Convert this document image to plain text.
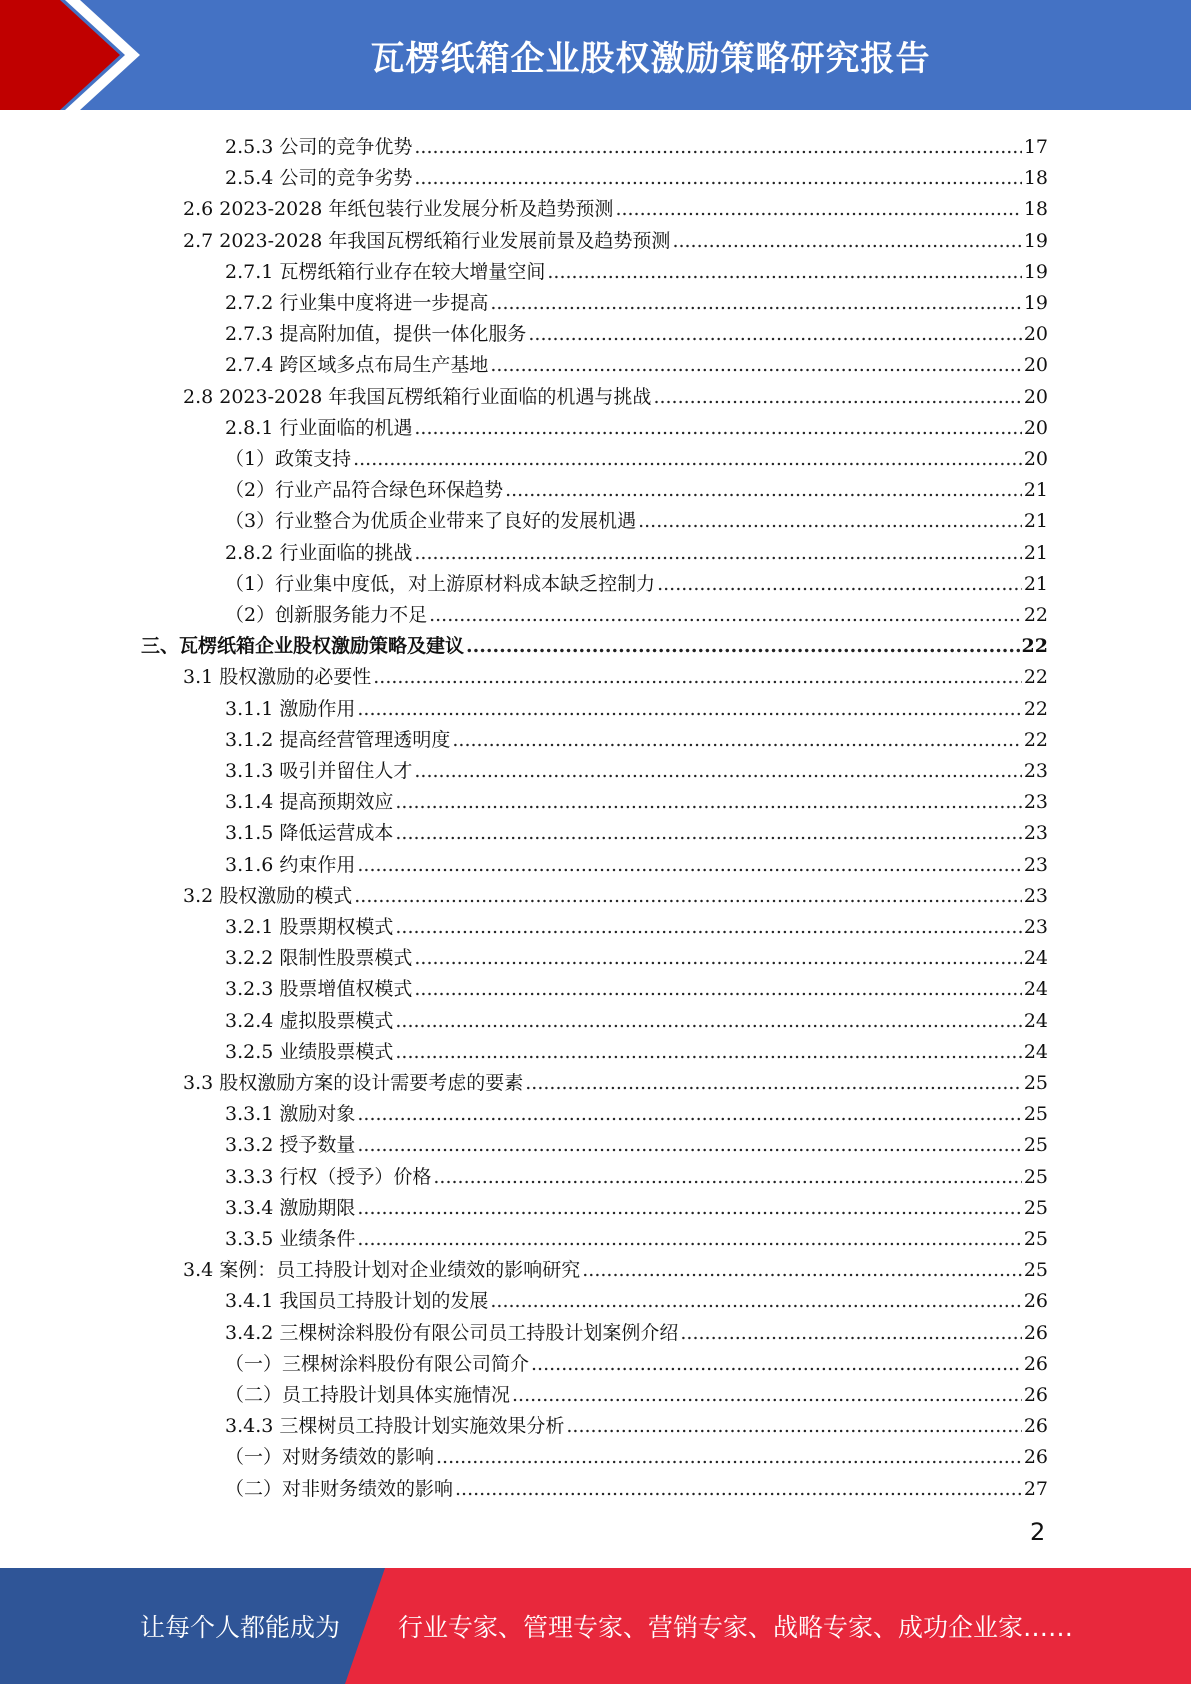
瓦楞纸箱企业股权激励策略研究报告
2.5.3 公司的竞争优势 .....	17
2.5.4 公司的竞争劣势 .....	18
2.6 2023-2028 年纸包装行业发展分析及趋势预测 .....	18
2.7 2023-2028 年我国瓦楞纸箱行业发展前景及趋势预测 .....	19
2.7.1 瓦楞纸箱行业存在较大增量空间 .....	19
2.7.2 行业集中度将进一步提高 .....	19
2.7.3 提高附加值，提供一体化服务 .....	20
2.7.4 跨区域多点布局生产基地 .....	20
2.8 2023-2028 年我国瓦楞纸箱行业面临的机遇与挑战 .....	20
2.8.1 行业面临的机遇 .....	20
（1）政策支持 .....	20
（2）行业产品符合绿色环保趋势 .....	21
（3）行业整合为优质企业带来了良好的发展机遇 .....	21
2.8.2 行业面临的挑战 .....	21
（1）行业集中度低，对上游原材料成本缺乏控制力 .....	21
（2）创新服务能力不足 .....	22
三、瓦楞纸箱企业股权激励策略及建议 .....	22
3.1 股权激励的必要性 .....	22
3.1.1 激励作用 .....	22
3.1.2 提高经营管理透明度 .....	22
3.1.3 吸引并留住人才 .....	23
3.1.4 提高预期效应 .....	23
3.1.5 降低运营成本 .....	23
3.1.6 约束作用 .....	23
3.2 股权激励的模式 .....	23
3.2.1 股票期权模式 .....	23
3.2.2 限制性股票模式 .....	24
3.2.3 股票增值权模式 .....	24
3.2.4 虚拟股票模式 .....	24
3.2.5 业绩股票模式 .....	24
3.3 股权激励方案的设计需要考虑的要素 .....	25
3.3.1 激励对象 .....	25
3.3.2 授予数量 .....	25
3.3.3 行权（授予）价格 .....	25
3.3.4 激励期限 .....	25
3.3.5 业绩条件 .....	25
3.4 案例：员工持股计划对企业绩效的影响研究 .....	25
3.4.1 我国员工持股计划的发展 .....	26
3.4.2 三棵树涂料股份有限公司员工持股计划案例介绍 .....	26
（一）三棵树涂料股份有限公司简介 .....	26
（二）员工持股计划具体实施情况 .....	26
3.4.3 三棵树员工持股计划实施效果分析 .....	26
（一）对财务绩效的影响 .....	26
（二）对非财务绩效的影响 .....	27
2
让每个人都能成为 行业专家、管理专家、营销专家、战略专家、成功企业家……
